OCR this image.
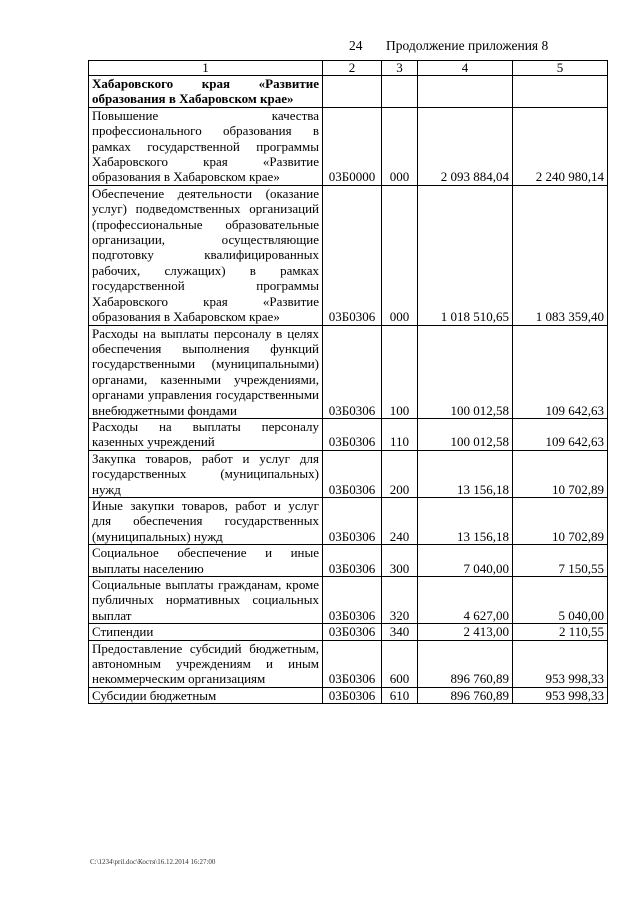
24 Продолжение приложения 8
1	2	3	4	5
Хабаровского края «Развитие образования в Хабаровском крае»				
Повышение качества профессионального образования в рамках государственной программы Хабаровского края «Развитие образования в Хабаровском крае»	03Б0000	000	2 093 884,04	2 240 980,14
Обеспечение деятельности (оказание услуг) подведомственных организаций (профессиональные образовательные организации, осуществляющие подготовку квалифицированных рабочих, служащих) в рамках государственной программы Хабаровского края «Развитие образования в Хабаровском крае»	03Б0306	000	1 018 510,65	1 083 359,40
Расходы на выплаты персоналу в целях обеспечения выполнения функций государственными (муниципальными) органами, казенными учреждениями, органами управления государственными внебюджетными фондами	03Б0306	100	100 012,58	109 642,63
Расходы на выплаты персоналу казенных учреждений	03Б0306	110	100 012,58	109 642,63
Закупка товаров, работ и услуг для государственных (муниципальных) нужд	03Б0306	200	13 156,18	10 702,89
Иные закупки товаров, работ и услуг для обеспечения государственных (муниципальных) нужд	03Б0306	240	13 156,18	10 702,89
Социальное обеспечение и иные выплаты населению	03Б0306	300	7 040,00	7 150,55
Социальные выплаты гражданам, кроме публичных нормативных социальных выплат	03Б0306	320	4 627,00	5 040,00
Стипендии	03Б0306	340	2 413,00	2 110,55
Предоставление субсидий бюджетным, автономным учреждениям и иным некоммерческим организациям	03Б0306	600	896 760,89	953 998,33
Субсидии бюджетным	03Б0306	610	896 760,89	953 998,33
C:\1234\pril.doc\Костя\16.12.2014 16:27:00
